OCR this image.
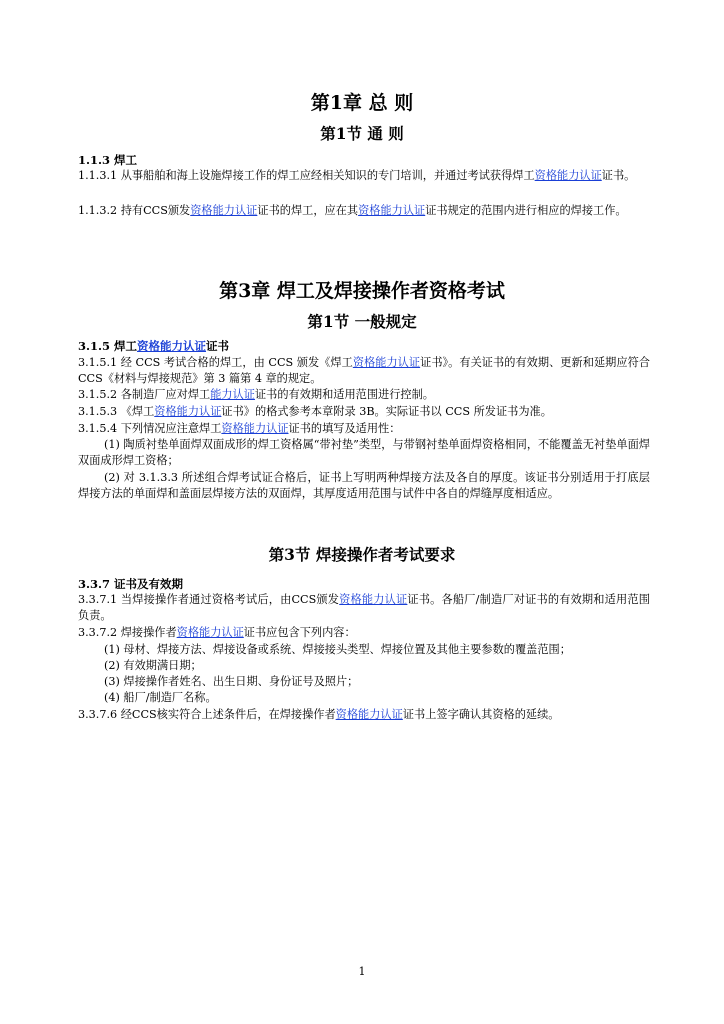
第1章 总 则
第1节 通 则
1.1.3 焊工

1.1.3.1 从事船舶和海上设施焊接工作的焊工应经相关知识的专门培训，并通过考试获得焊工资格能力认证证书。

1.1.3.2 持有CCS颁发资格能力认证证书的焊工，应在其资格能力认证证书规定的范围内进行相应的焊接工作。

第3章 焊工及焊接操作者资格考试
第1节 一般规定
3.1.5 焊工资格能力认证证书

3.1.5.1 经 CCS 考试合格的焊工，由 CCS 颁发《焊工资格能力认证证书》。有关证书的有效期、更新和延期应符合 CCS《材料与焊接规范》第 3 篇第 4 章的规定。

3.1.5.2 各制造厂应对焊工能力认证证书的有效期和适用范围进行控制。

3.1.5.3 《焊工资格能力认证证书》的格式参考本章附录 3B。实际证书以 CCS 所发证书为准。

3.1.5.4 下列情况应注意焊工资格能力认证证书的填写及适用性：

(1) 陶质衬垫单面焊双面成形的焊工资格属“带衬垫”类型，与带钢衬垫单面焊资格相同，不能覆盖无衬垫单面焊双面成形焊工资格；

(2) 对 3.1.3.3 所述组合焊考试证合格后，证书上写明两种焊接方法及各自的厚度。该证书分别适用于打底层焊接方法的单面焊和盖面层焊接方法的双面焊，其厚度适用范围与试件中各自的焊缝厚度相适应。

第3节 焊接操作者考试要求
3.3.7 证书及有效期

3.3.7.1 当焊接操作者通过资格考试后，由CCS颁发资格能力认证证书。各船厂/制造厂对证书的有效期和适用范围负责。

3.3.7.2 焊接操作者资格能力认证证书应包含下列内容：

(1) 母材、焊接方法、焊接设备或系统、焊接接头类型、焊接位置及其他主要参数的覆盖范围；

(2) 有效期满日期；

(3) 焊接操作者姓名、出生日期、身份证号及照片；

(4) 船厂/制造厂名称。

3.3.7.6 经CCS核实符合上述条件后，在焊接操作者资格能力认证证书上签字确认其资格的延续。

1
